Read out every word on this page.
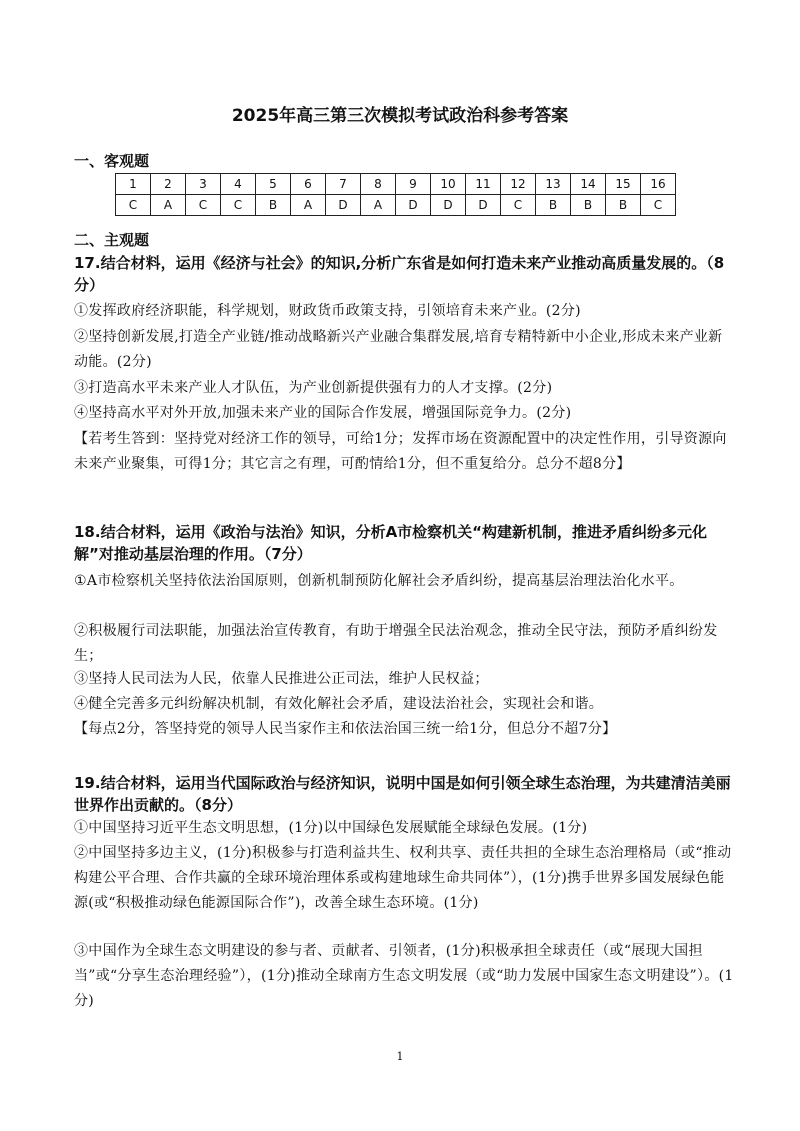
2025年高三第三次模拟考试政治科参考答案
一、客观题
1	2	3	4	5	6	7	8	9	10	11	12	13	14	15	16
C	A	C	C	B	A	D	A	D	D	D	C	B	B	B	C
二、主观题
17.结合材料，运用《经济与社会》的知识,分析广东省是如何打造未来产业推动高质量发展的。（8分）
①发挥政府经济职能，科学规划，财政货币政策支持，引领培育未来产业。(2分)
②坚持创新发展,打造全产业链/推动战略新兴产业融合集群发展,培育专精特新中小企业,形成未来产业新动能。(2分)
③打造高水平未来产业人才队伍，为产业创新提供强有力的人才支撑。(2分)
④坚持高水平对外开放,加强未来产业的国际合作发展，增强国际竞争力。(2分)
【若考生答到：坚持党对经济工作的领导，可给1分；发挥市场在资源配置中的决定性作用，引导资源向未来产业聚集，可得1分；其它言之有理，可酌情给1分，但不重复给分。总分不超8分】
18.结合材料，运用《政治与法治》知识，分析A市检察机关“构建新机制，推进矛盾纠纷多元化解”对推动基层治理的作用。（7分）
①A市检察机关坚持依法治国原则，创新机制预防化解社会矛盾纠纷，提高基层治理法治化水平。
②积极履行司法职能，加强法治宣传教育，有助于增强全民法治观念，推动全民守法，预防矛盾纠纷发生；
③坚持人民司法为人民，依靠人民推进公正司法，维护人民权益；
④健全完善多元纠纷解决机制，有效化解社会矛盾，建设法治社会，实现社会和谐。
【每点2分，答坚持党的领导人民当家作主和依法治国三统一给1分，但总分不超7分】
19.结合材料，运用当代国际政治与经济知识，说明中国是如何引领全球生态治理，为共建清洁美丽世界作出贡献的。（8分）
①中国坚持习近平生态文明思想，(1分)以中国绿色发展赋能全球绿色发展。(1分)
②中国坚持多边主义，(1分)积极参与打造利益共生、权利共享、责任共担的全球生态治理格局（或“推动构建公平合理、合作共赢的全球环境治理体系或构建地球生命共同体”），(1分)携手世界多国发展绿色能源(或“积极推动绿色能源国际合作”)，改善全球生态环境。(1分)
③中国作为全球生态文明建设的参与者、贡献者、引领者，(1分)积极承担全球责任（或“展现大国担当”或“分享生态治理经验”），(1分)推动全球南方生态文明发展（或“助力发展中国家生态文明建设”）。(1分)
1
